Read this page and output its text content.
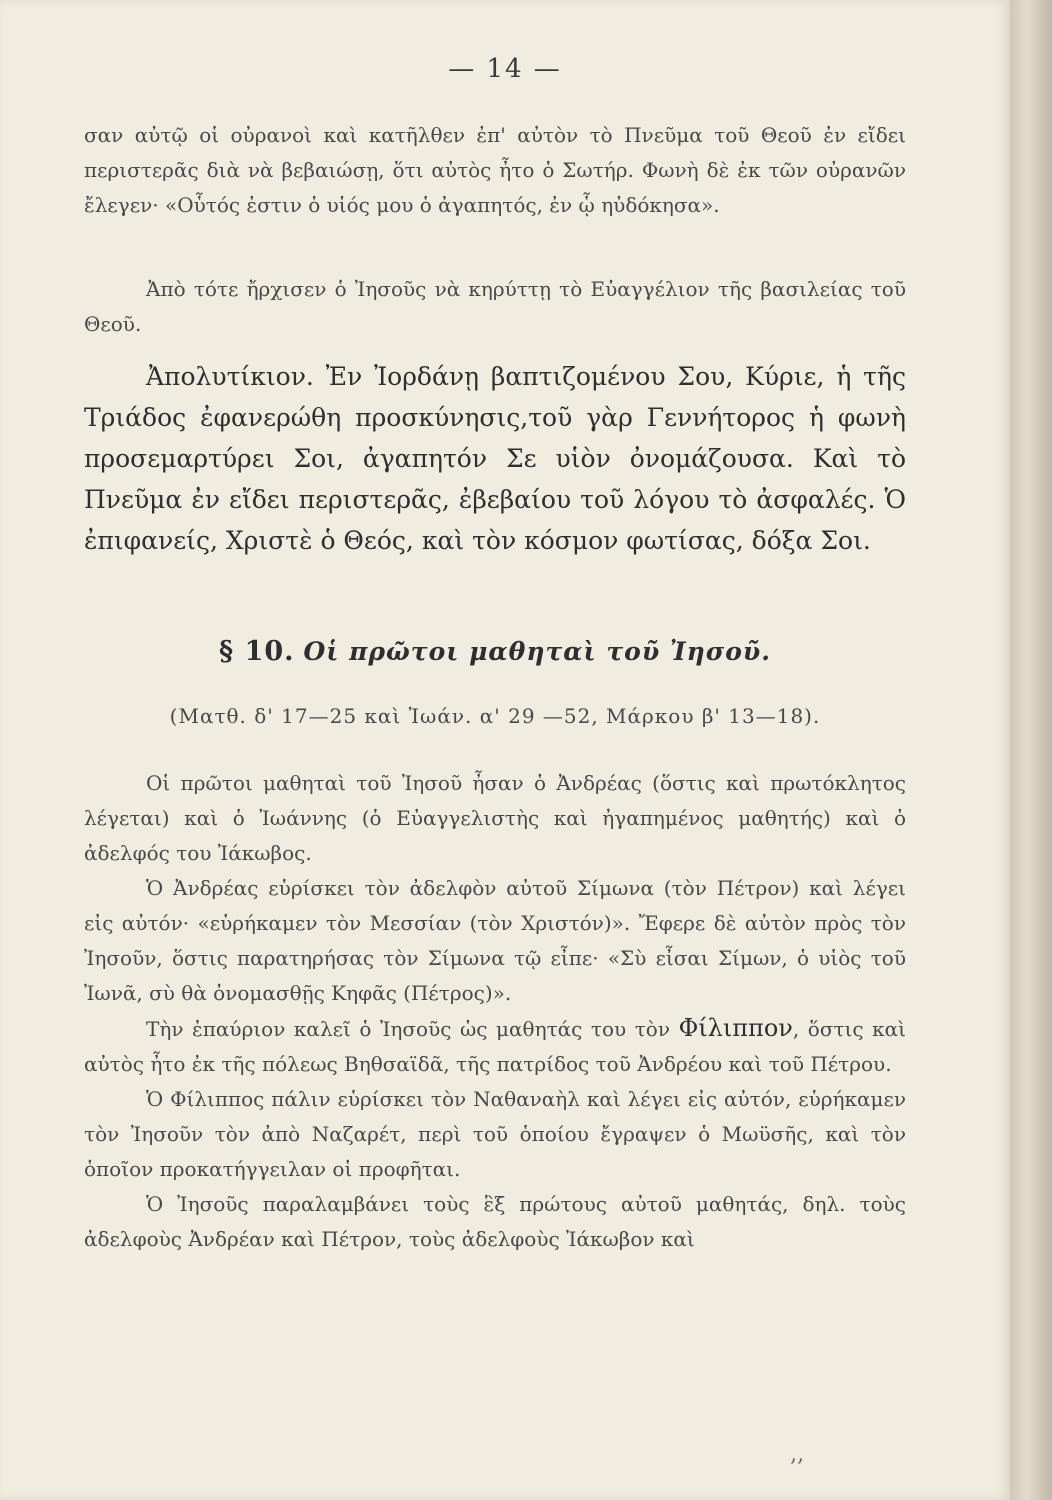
— 14 —

σαν αὐτῷ οἱ οὐρανοὶ καὶ κατῆλθεν ἐπ' αὐτὸν τὸ Πνεῦμα τοῦ Θεοῦ ἐν εἴδει περιστερᾶς διὰ νὰ βεβαιώσῃ, ὅτι αὐτὸς ἦτο ὁ Σωτήρ. Φωνὴ δὲ ἐκ τῶν οὐρανῶν ἔλεγεν· «Οὗτός ἐστιν ὁ υἱός μου ὁ ἀγαπητός, ἐν ᾧ ηὐδόκησα».

Ἀπὸ τότε ἤρχισεν ὁ Ἰησοῦς νὰ κηρύττῃ τὸ Εὐαγγέλιον τῆς βασιλείας τοῦ Θεοῦ.

Ἀπολυτίκιον. Ἐν Ἰορδάνῃ βαπτιζομένου Σου, Κύριε, ἡ τῆς Τριάδος ἐφανερώθη προσκύνησις,τοῦ γὰρ Γεννήτορος ἡ φωνὴ προσεμαρτύρει Σοι, ἀγαπητόν Σε υἱὸν ὀνομάζουσα. Καὶ τὸ Πνεῦμα ἐν εἴδει περιστερᾶς, ἐβεβαίου τοῦ λόγου τὸ ἀσφαλές. Ὁ ἐπιφανείς, Χριστὲ ὁ Θεός, καὶ τὸν κόσμον φωτίσας, δόξα Σοι.

§ 10. Οἱ πρῶτοι μαθηταὶ τοῦ Ἰησοῦ.
(Ματθ. δ' 17—25 καὶ Ἰωάν. α' 29 —52, Μάρκου β' 13—18).

Οἱ πρῶτοι μαθηταὶ τοῦ Ἰησοῦ ἦσαν ὁ Ἀνδρέας (ὅστις καὶ πρωτόκλητος λέγεται) καὶ ὁ Ἰωάννης (ὁ Εὐαγγελιστὴς καὶ ἠγαπημένος μαθητής) καὶ ὁ ἀδελφός του Ἰάκωβος.

Ὁ Ἀνδρέας εὑρίσκει τὸν ἀδελφὸν αὐτοῦ Σίμωνα (τὸν Πέτρον) καὶ λέγει εἰς αὐτόν· «εὑρήκαμεν τὸν Μεσσίαν (τὸν Χριστόν)». Ἔφερε δὲ αὐτὸν πρὸς τὸν Ἰησοῦν, ὅστις παρατηρήσας τὸν Σίμωνα τῷ εἶπε· «Σὺ εἶσαι Σίμων, ὁ υἱὸς τοῦ Ἰωνᾶ, σὺ θὰ ὀνομασθῇς Κηφᾶς (Πέτρος)».

Τὴν ἐπαύριον καλεῖ ὁ Ἰησοῦς ὡς μαθητάς του τὸν Φίλιππον, ὅστις καὶ αὐτὸς ἦτο ἐκ τῆς πόλεως Βηθσαϊδᾶ, τῆς πατρίδος τοῦ Ἀνδρέου καὶ τοῦ Πέτρου.

Ὁ Φίλιππος πάλιν εὑρίσκει τὸν Ναθαναὴλ καὶ λέγει εἰς αὐτόν, εὑρήκαμεν τὸν Ἰησοῦν τὸν ἀπὸ Ναζαρέτ, περὶ τοῦ ὁποίου ἔγραψεν ὁ Μωϋσῆς, καὶ τὸν ὁποῖον προκατήγγειλαν οἱ προφῆται.

Ὁ Ἰησοῦς παραλαμβάνει τοὺς ἓξ πρώτους αὐτοῦ μαθητάς, δηλ. τοὺς ἀδελφοὺς Ἀνδρέαν καὶ Πέτρον, τοὺς ἀδελφοὺς Ἰάκωβον καὶ

‚‚
